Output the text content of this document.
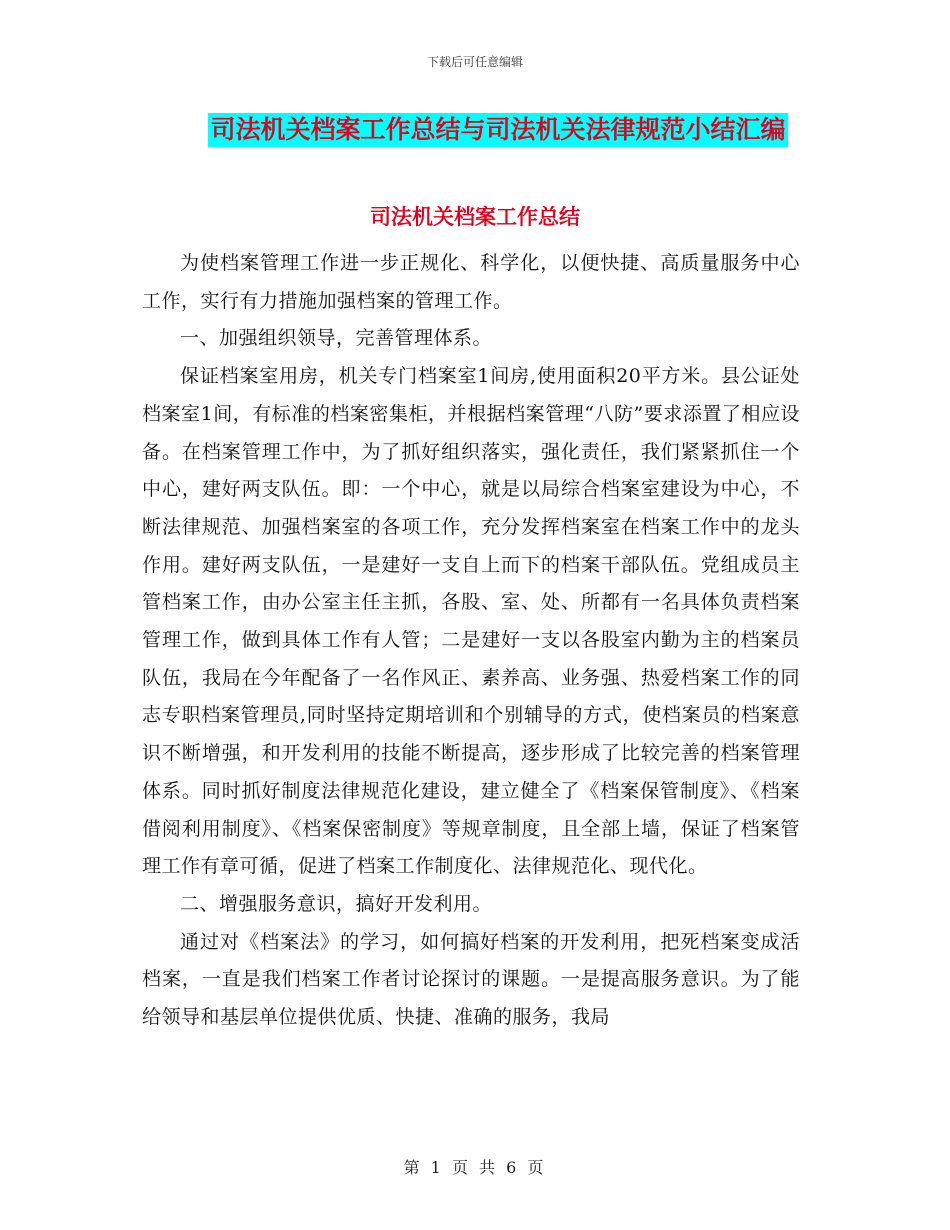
下载后可任意编辑
司法机关档案工作总结与司法机关法律规范小结汇编
司法机关档案工作总结

为使档案管理工作进一步正规化、科学化，以便快捷、高质量服务中心工作，实行有力措施加强档案的管理工作。

一、加强组织领导，完善管理体系。

保证档案室用房，机关专门档案室1间房,使用面积20平方米。县公证处档案室1间，有标准的档案密集柜，并根据档案管理“八防”要求添置了相应设备。在档案管理工作中，为了抓好组织落实，强化责任，我们紧紧抓住一个中心，建好两支队伍。即：一个中心，就是以局综合档案室建设为中心，不断法律规范、加强档案室的各项工作，充分发挥档案室在档案工作中的龙头作用。建好两支队伍，一是建好一支自上而下的档案干部队伍。党组成员主管档案工作，由办公室主任主抓，各股、室、处、所都有一名具体负责档案管理工作，做到具体工作有人管；二是建好一支以各股室内勤为主的档案员队伍，我局在今年配备了一名作风正、素养高、业务强、热爱档案工作的同志专职档案管理员,同时坚持定期培训和个别辅导的方式，使档案员的档案意识不断增强，和开发利用的技能不断提高，逐步形成了比较完善的档案管理体系。同时抓好制度法律规范化建设，建立健全了《档案保管制度》、《档案借阅利用制度》、《档案保密制度》等规章制度，且全部上墙，保证了档案管理工作有章可循，促进了档案工作制度化、法律规范化、现代化。

二、增强服务意识，搞好开发利用。

通过对《档案法》的学习，如何搞好档案的开发利用，把死档案变成活档案，一直是我们档案工作者讨论探讨的课题。一是提高服务意识。为了能给领导和基层单位提供优质、快捷、准确的服务，我局

第 1 页 共 6 页
